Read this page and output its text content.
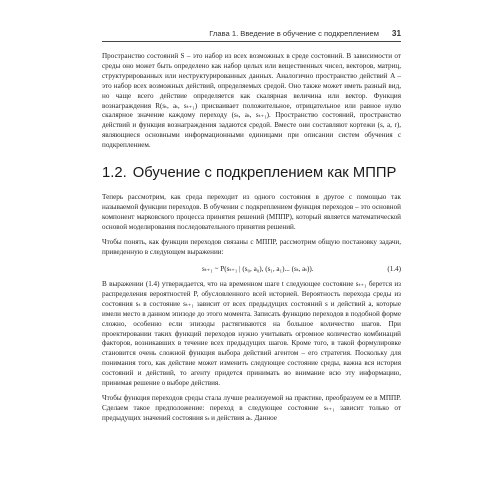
Глава 1. Введение в обучение с подкреплением 31

Пространство состояний S – это набор из всех возможных в среде состояний. В зависимости от среды оно может быть определено как набор целых или вещественных чисел, векторов, матриц, структурированных или неструктурированных данных. Аналогично пространство действий A – это набор всех возможных действий, определяемых средой. Оно также может иметь разный вид, но чаще всего действие определяется как скалярная величина или вектор. Функция вознаграждения R(sₜ, aₜ, sₜ₊₁) присваивает положительное, отрицательное или равное нулю скалярное значение каждому переходу (sₜ, aₜ, sₜ₊₁). Пространство состояний, пространство действий и функция вознаграждения задаются средой. Вместе они составляют кортежи (s, a, r), являющиеся основными информационными единицами при описании систем обучения с подкреплением.

1.2. Обучение с подкреплением как МППР

Теперь рассмотрим, как среда переходит из одного состояния в другое с помощью так называемой функции переходов. В обучении с подкреплением функция переходов – это основной компонент марковского процесса принятия решений (МППР), который является математической основой моделирования последовательного принятия решений.

Чтобы понять, как функции переходов связаны с МППР, рассмотрим общую постановку задачи, приведенную в следующем выражении:

sₜ₊₁ ~ P(sₜ₊₁ | (s₀, a₀), (s₁, a₁)... (sₜ, aₜ)).	(1.4)

В выражении (1.4) утверждается, что на временном шаге t следующее состояние sₜ₊₁ берется из распределения вероятностей P, обусловленного всей историей. Вероятность перехода среды из состояния sₜ в состояние sₜ₊₁ зависит от всех предыдущих состояний s и действий a, которые имели место в данном эпизоде до этого момента. Записать функцию переходов в подобной форме сложно, особенно если эпизоды растягиваются на большое количество шагов. При проектировании таких функций переходов нужно учитывать огромное количество комбинаций факторов, возникавших в течение всех предыдущих шагов. Кроме того, в такой формулировке становится очень сложной функция выбора действий агентом – его стратегия. Поскольку для понимания того, как действие может изменить следующее состояние среды, важна вся история состояний и действий, то агенту придется принимать во внимание всю эту информацию, принимая решение о выборе действия.

Чтобы функция переходов среды стала лучше реализуемой на практике, преобразуем ее в МППР. Сделаем такое предположение: переход в следующее состояние sₜ₊₁ зависит только от предыдущих значений состояния sₜ и действия aₜ. Данное
